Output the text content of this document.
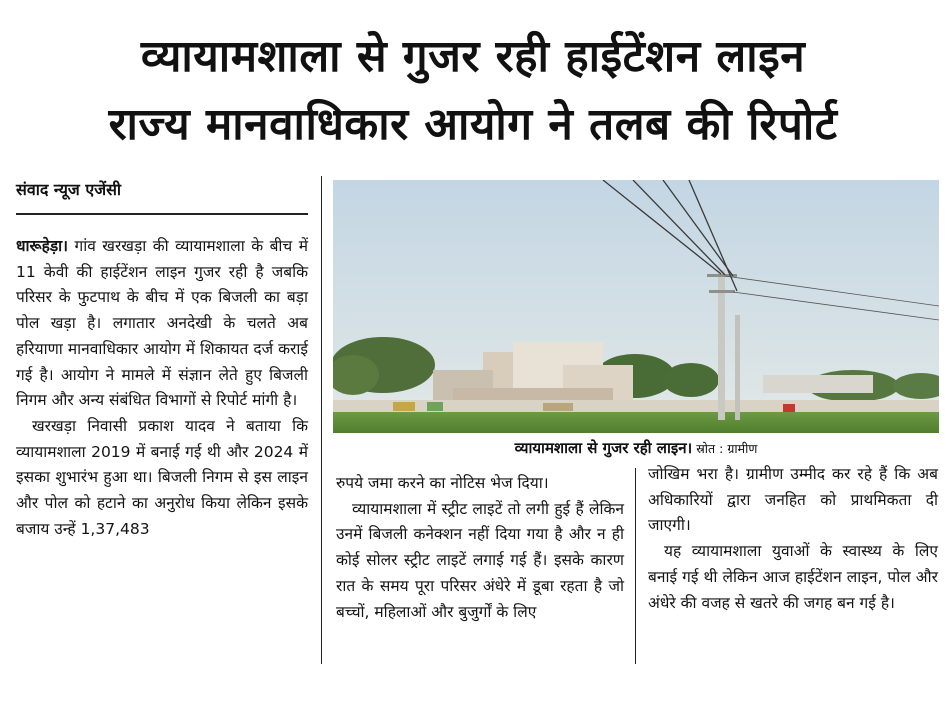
व्यायामशाला से गुजर रही हाईटेंशन लाइन
राज्य मानवाधिकार आयोग ने तलब की रिपोर्ट
संवाद न्यूज एजेंसी

धारूहेड़ा। गांव खरखड़ा की व्यायामशाला के बीच में 11 केवी की हाईटेंशन लाइन गुजर रही है जबकि परिसर के फुटपाथ के बीच में एक बिजली का बड़ा पोल खड़ा है। लगातार अनदेखी के चलते अब हरियाणा मानवाधिकार आयोग में शिकायत दर्ज कराई गई है। आयोग ने मामले में संज्ञान लेते हुए बिजली निगम और अन्य संबंधित विभागों से रिपोर्ट मांगी है।

खरखड़ा निवासी प्रकाश यादव ने बताया कि व्यायामशाला 2019 में बनाई गई थी और 2024 में इसका शुभारंभ हुआ था। बिजली निगम से इस लाइन और पोल को हटाने का अनुरोध किया लेकिन इसके बजाय उन्हें 1,37,483

व्यायामशाला से गुजर रही लाइन। स्रोत : ग्रामीण

रुपये जमा करने का नोटिस भेज दिया।

व्यायामशाला में स्ट्रीट लाइटें तो लगी हुई हैं लेकिन उनमें बिजली कनेक्शन नहीं दिया गया है और न ही कोई सोलर स्ट्रीट लाइटें लगाई गई हैं। इसके कारण रात के समय पूरा परिसर अंधेरे में डूबा रहता है जो बच्चों, महिलाओं और बुजुर्गों के लिए

जोखिम भरा है। ग्रामीण उम्मीद कर रहे हैं कि अब अधिकारियों द्वारा जनहित को प्राथमिकता दी जाएगी।

यह व्यायामशाला युवाओं के स्वास्थ्य के लिए बनाई गई थी लेकिन आज हाईटेंशन लाइन, पोल और अंधेरे की वजह से खतरे की जगह बन गई है।
